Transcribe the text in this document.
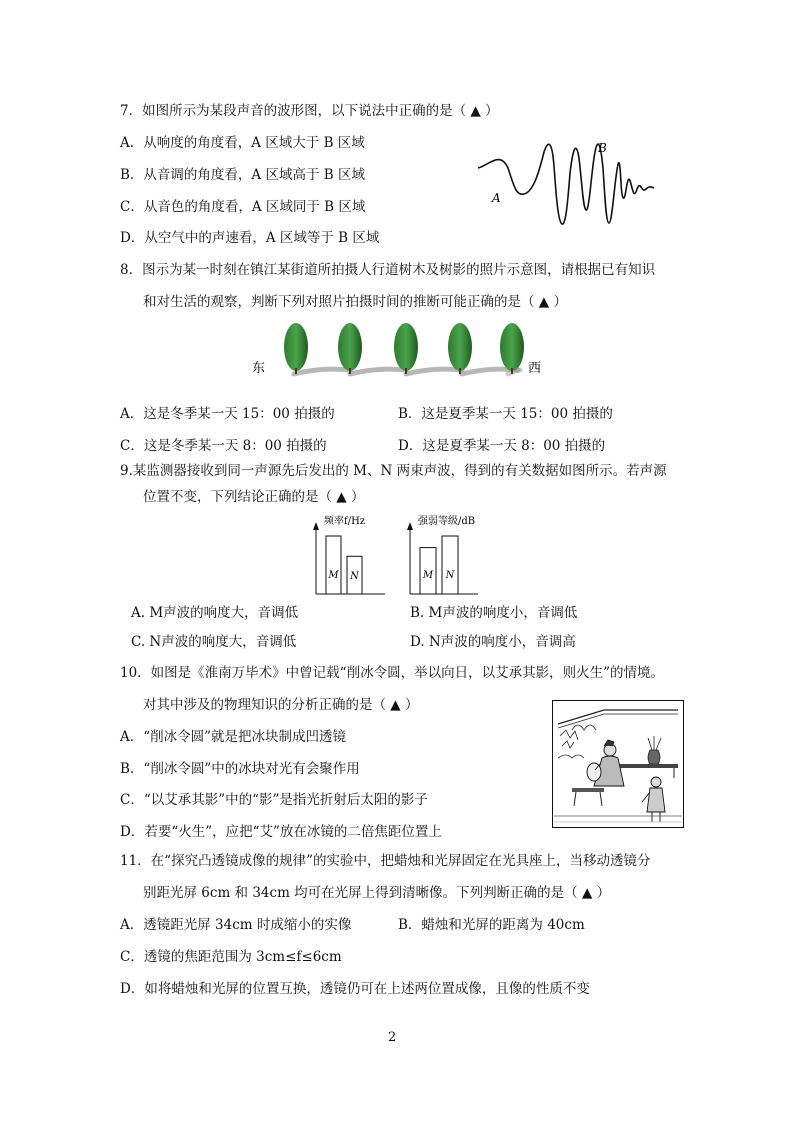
7．如图所示为某段声音的波形图，以下说法中正确的是（ ▲ ）
A．从响度的角度看，A 区域大于 B 区域
B．从音调的角度看，A 区域高于 B 区域
C．从音色的角度看，A 区域同于 B 区域
D．从空气中的声速看，A 区域等于 B 区域
A
B
8．图示为某一时刻在镇江某街道所拍摄人行道树木及树影的照片示意图，请根据已有知识
和对生活的观察，判断下列对照片拍摄时间的推断可能正确的是（ ▲ ）
东	西
A．这是冬季某一天 15：00 拍摄的	B．这是夏季某一天 15：00 拍摄的
C．这是冬季某一天 8：00 拍摄的	D．这是夏季某一天 8：00 拍摄的
9.某监测器接收到同一声源先后发出的 M、N 两束声波，得到的有关数据如图所示。若声源
位置不变，下列结论正确的是（ ▲ ）
频率f/Hz
M N
强弱等级/dB
M N
A. M声波的响度大，音调低	B. M声波的响度小，音调低
C. N声波的响度大，音调低	D. N声波的响度小，音调高
10．如图是《淮南万毕术》中曾记载“削冰令圆，举以向日，以艾承其影，则火生”的情境。
对其中涉及的物理知识的分析正确的是（ ▲ ）
A．“削冰令圆”就是把冰块制成凹透镜
B．“削冰令圆”中的冰块对光有会聚作用
C．“以艾承其影”中的“影”是指光折射后太阳的影子
D．若要“火生”，应把“艾”放在冰镜的二倍焦距位置上
11．在“探究凸透镜成像的规律”的实验中，把蜡烛和光屏固定在光具座上，当移动透镜分
别距光屏 6cm 和 34cm 均可在光屏上得到清晰像。下列判断正确的是（ ▲ ）
A．透镜距光屏 34cm 时成缩小的实像	B．蜡烛和光屏的距离为 40cm
C．透镜的焦距范围为 3cm≤f≤6cm
D．如将蜡烛和光屏的位置互换，透镜仍可在上述两位置成像，且像的性质不变
2
